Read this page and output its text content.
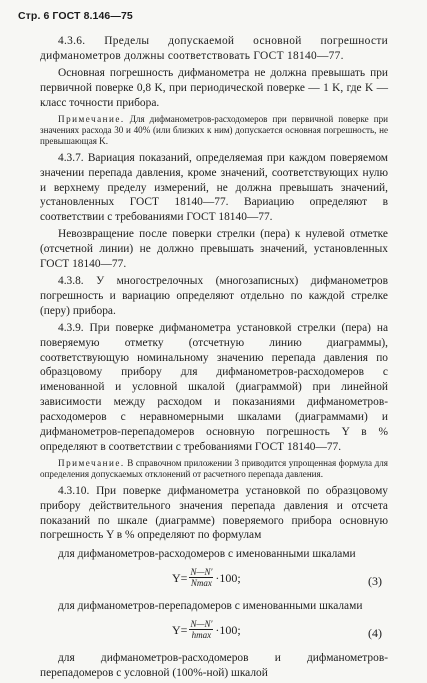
Стр. 6 ГОСТ 8.146—75

4.3.6. Пределы допускаемой основной погрешности дифманометров должны соответствовать ГОСТ 18140—77.

Основная погрешность дифманометра не должна превышать при первичной поверке 0,8 K, при периодической поверке — 1 K, где K — класс точности прибора.

Примечание. Для дифманометров-расходомеров при первичной поверке при значениях расхода 30 и 40% (или близких к ним) допускается основная погрешность, не превышающая K.

4.3.7. Вариация показаний, определяемая при каждом поверяемом значении перепада давления, кроме значений, соответствующих нулю и верхнему пределу измерений, не должна превышать значений, установленных ГОСТ 18140—77. Вариацию определяют в соответствии с требованиями ГОСТ 18140—77.

Невозвращение после поверки стрелки (пера) к нулевой отметке (отсчетной линии) не должно превышать значений, установленных ГОСТ 18140—77.

4.3.8. У многострелочных (многозаписных) дифманометров погрешность и вариацию определяют отдельно по каждой стрелке (перу) прибора.

4.3.9. При поверке дифманометра установкой стрелки (пера) на поверяемую отметку (отсчетную линию диаграммы), соответствующую номинальному значению перепада давления по образцовому прибору для дифманометров-расходомеров с именованной и условной шкалой (диаграммой) при линейной зависимости между расходом и показаниями дифманометров-расходомеров с неравномерными шкалами (диаграммами) и дифманометров-перепадомеров основную погрешность Υ в % определяют в соответствии с требованиями ГОСТ 18140—77.

Примечание. В справочном приложении 3 приводится упрощенная формула для определения допускаемых отклонений от расчетного перепада давления.

4.3.10. При поверке дифманометра установкой по образцовому прибору действительного значения перепада давления и отсчета показаний по шкале (диаграмме) поверяемого прибора основную погрешность Υ в % определяют по формулам

для дифманометров-расходомеров с именованными шкалами

$\Upsilon= \frac{N—N'}{Nmax} \cdot 100$;	(3)

для дифманометров-перепадомеров с именованными шкалами

$\Upsilon= \frac{N—N'}{hmax} \cdot 100$;	(4)

для дифманометров-расходомеров и дифманометров-перепадомеров с условной (100%-ной) шкалой
